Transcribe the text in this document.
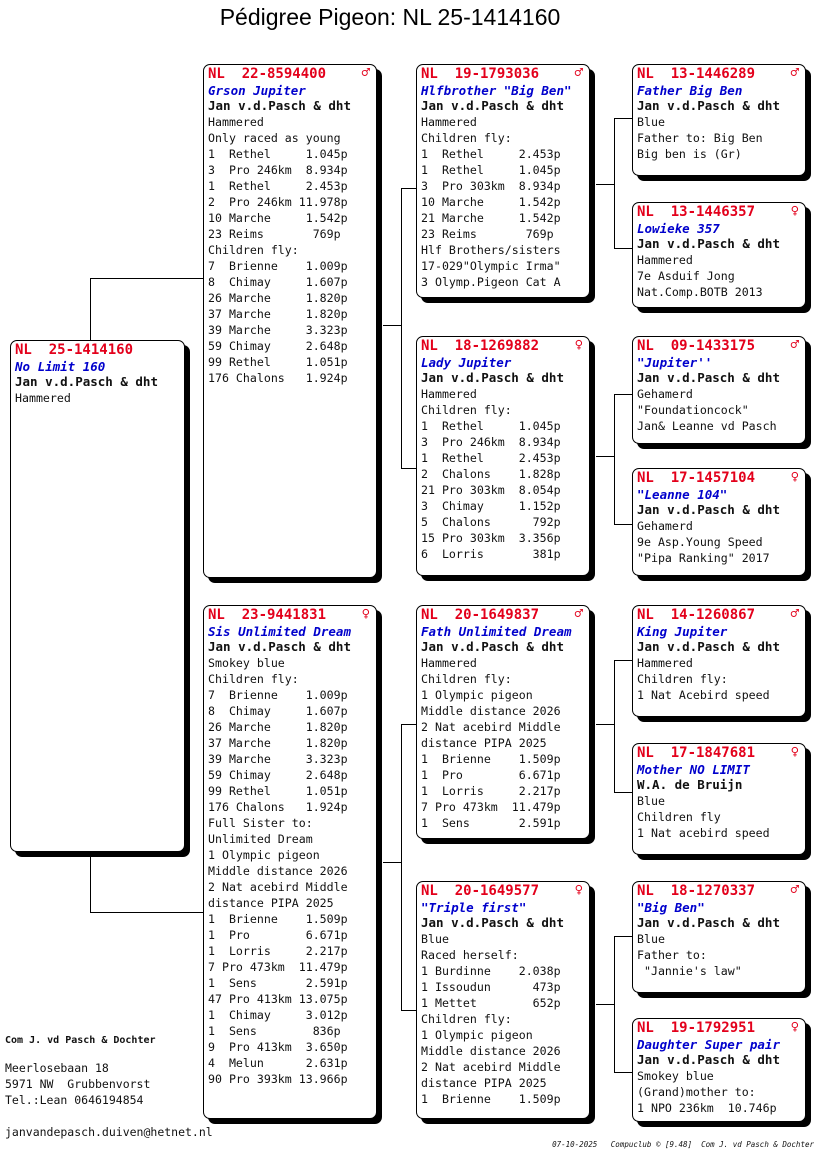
Pédigree Pigeon: NL 25-1414160
NL  25-1414160
No Limit 160
Jan v.d.Pasch & dht
Hammered
NL  22-8594400	♂
Grson Jupiter
Jan v.d.Pasch & dht
Hammered
Only raced as young
1  Rethel     1.045p
3  Pro 246km  8.934p
1  Rethel     2.453p
2  Pro 246km 11.978p
10 Marche     1.542p
23 Reims       769p
Children fly:
7  Brienne    1.009p
8  Chimay     1.607p
26 Marche     1.820p
37 Marche     1.820p
39 Marche     3.323p
59 Chimay     2.648p
99 Rethel     1.051p
176 Chalons   1.924p
NL  23-9441831	♀
Sis Unlimited Dream
Jan v.d.Pasch & dht
Smokey blue
Children fly:
7  Brienne    1.009p
8  Chimay     1.607p
26 Marche     1.820p
37 Marche     1.820p
39 Marche     3.323p
59 Chimay     2.648p
99 Rethel     1.051p
176 Chalons   1.924p
Full Sister to:
Unlimited Dream
1 Olympic pigeon
Middle distance 2026
2 Nat acebird Middle
distance PIPA 2025
1  Brienne    1.509p
1  Pro        6.671p
1  Lorris     2.217p
7 Pro 473km  11.479p
1  Sens       2.591p
47 Pro 413km 13.075p
1  Chimay     3.012p
1  Sens        836p
9  Pro 413km  3.650p
4  Melun      2.631p
90 Pro 393km 13.966p
NL  19-1793036	♂
Hlfbrother "Big Ben"
Jan v.d.Pasch & dht
Hammered
Children fly:
1  Rethel     2.453p
1  Rethel     1.045p
3  Pro 303km  8.934p
10 Marche     1.542p
21 Marche     1.542p
23 Reims       769p
Hlf Brothers/sisters
17-029"Olympic Irma"
3 Olymp.Pigeon Cat A
NL  18-1269882	♀
Lady Jupiter
Jan v.d.Pasch & dht
Hammered
Children fly:
1  Rethel     1.045p
3  Pro 246km  8.934p
1  Rethel     2.453p
2  Chalons    1.828p
21 Pro 303km  8.054p
3  Chimay     1.152p
5  Chalons      792p
15 Pro 303km  3.356p
6  Lorris       381p
NL  20-1649837	♂
Fath Unlimited Dream
Jan v.d.Pasch & dht
Hammered
Children fly:
1 Olympic pigeon
Middle distance 2026
2 Nat acebird Middle
distance PIPA 2025
1  Brienne    1.509p
1  Pro        6.671p
1  Lorris     2.217p
7 Pro 473km  11.479p
1  Sens       2.591p
NL  20-1649577	♀
"Triple first"
Jan v.d.Pasch & dht
Blue
Raced herself:
1 Burdinne    2.038p
1 Issoudun      473p
1 Mettet        652p
Children fly:
1 Olympic pigeon
Middle distance 2026
2 Nat acebird Middle
distance PIPA 2025
1  Brienne    1.509p
NL  13-1446289	♂
Father Big Ben
Jan v.d.Pasch & dht
Blue
Father to: Big Ben
Big ben is (Gr)
NL  13-1446357	♀
Lowieke 357
Jan v.d.Pasch & dht
Hammered
7e Asduif Jong
Nat.Comp.BOTB 2013
NL  09-1433175	♂
"Jupiter''
Jan v.d.Pasch & dht
Gehamerd
"Foundationcock"
Jan& Leanne vd Pasch
NL  17-1457104	♀
"Leanne 104"
Jan v.d.Pasch & dht
Gehamerd
9e Asp.Young Speed
"Pipa Ranking" 2017
NL  14-1260867	♂
King Jupiter
Jan v.d.Pasch & dht
Hammered
Children fly:
1 Nat Acebird speed
NL  17-1847681	♀
Mother NO LIMIT
W.A. de Bruijn
Blue
Children fly
1 Nat acebird speed
NL  18-1270337	♂
"Big Ben"
Jan v.d.Pasch & dht
Blue
Father to:
"Jannie's law"
NL  19-1792951	♀
Daughter Super pair
Jan v.d.Pasch & dht
Smokey blue
(Grand)mother to:
1 NPO 236km  10.746p
Com J. vd Pasch & Dochter
Meerlosebaan 18
5971 NW  Grubbenvorst
Tel.:Lean 0646194854
janvandepasch.duiven@hetnet.nl
07-10-2025   Compuclub © [9.48]  Com J. vd Pasch & Dochter
